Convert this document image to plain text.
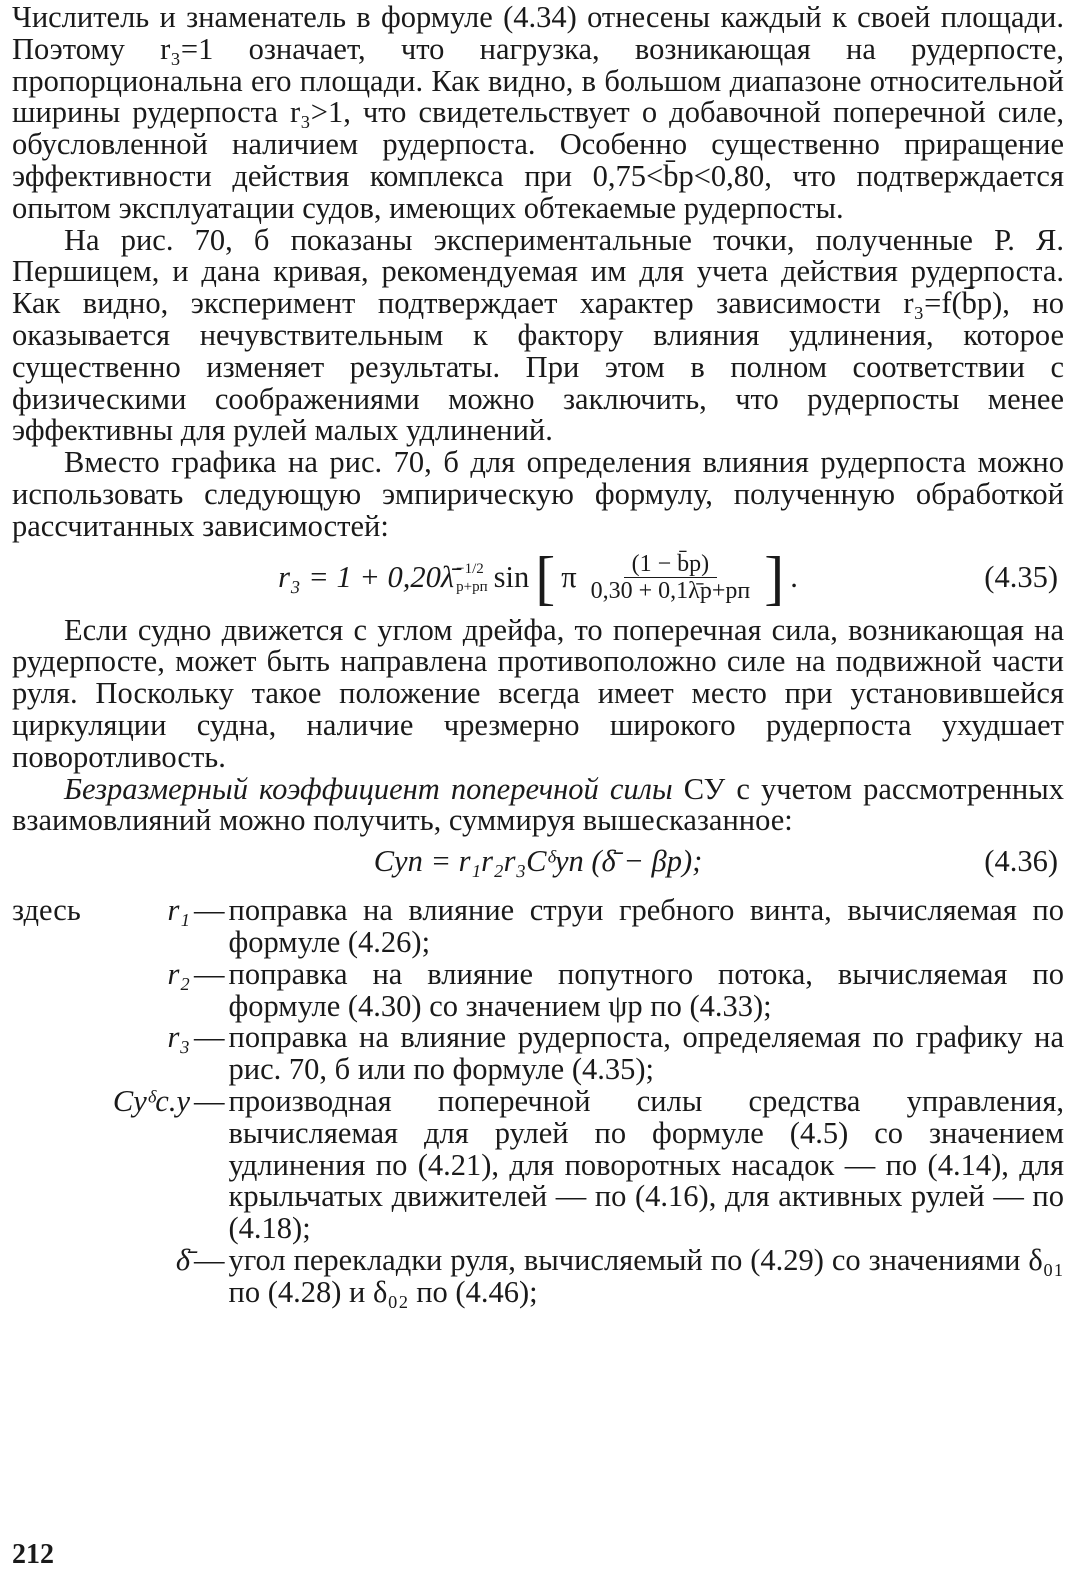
Числитель и знаменатель в формуле (4.34) отнесены каждый к своей площади. Поэтому r₃=1 означает, что нагрузка, возникающая на рудерпосте, пропорциональна его площади. Как видно, в большом диапазоне относительной ширины рудерпоста r₃>1, что свидетельствует о добавочной поперечной силе, обусловленной наличием рудерпоста. Особенно существенно приращение эффективности действия комплекса при 0,75<b̄р<0,80, что подтверждается опытом эксплуатации судов, имеющих обтекаемые рудерпосты.

На рис. 70, б показаны экспериментальные точки, полученные Р. Я. Першицем, и дана кривая, рекомендуемая им для учета действия рудерпоста. Как видно, эксперимент подтверждает характер зависимости r₃=f(b̄р), но оказывается нечувствительным к фактору влияния удлинения, которое существенно изменяет результаты. При этом в полном соответствии с физическими соображениями можно заключить, что рудерпосты менее эффективны для рулей малых удлинений.

Вместо графика на рис. 70, б для определения влияния рудерпоста можно использовать следующую эмпирическую формулу, полученную обработкой рассчитанных зависимостей:

r₃ = 1 + 0,20λ̄ −1/2
р+рп sin [ π $\frac{(1 - b̄р)}{0,30 + 0,1\lambdāр+рп}$ ] .	(4.35)

Если судно движется с углом дрейфа, то поперечная сила, возникающая на рудерпосте, может быть направлена противоположно силе на подвижной части руля. Поскольку такое положение всегда имеет место при установившейся циркуляции судна, наличие чрезмерно широкого рудерпоста ухудшает поворотливость.

Безразмерный коэффициент поперечной силы СУ с учетом рассмотренных взаимовлияний можно получить, суммируя вышесказанное:

Cуп = r₁r₂r₃Cᵟуп (δ̄ − βр);	(4.36)
здесь	r₁ — поправка на влияние струи гребного винта, вычисляемая по формуле (4.26);
r₂ — поправка на влияние попутного потока, вычисляемая по формуле (4.30) со значением ψр по (4.33);
r₃ — поправка на влияние рудерпоста, определяемая по графику на рис. 70, б или по формуле (4.35);
Cyᵟс.у — производная поперечной силы средства управления, вычисляемая для рулей по формуле (4.5) со значением удлинения по (4.21), для поворотных насадок — по (4.14), для крыльчатых движителей — по (4.16), для активных рулей — по (4.18);
δ̄ — угол перекладки руля, вычисляемый по (4.29) со значениями δ₀₁ по (4.28) и δ₀₂ по (4.46);
212
